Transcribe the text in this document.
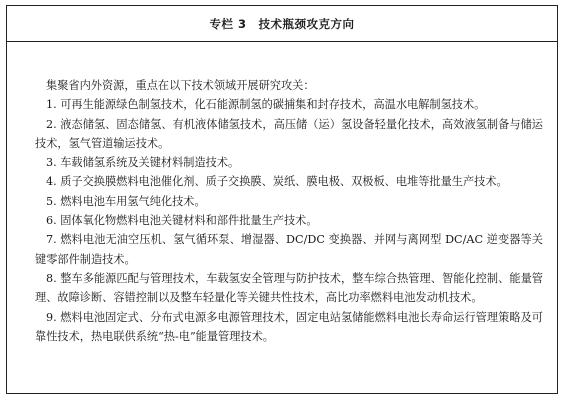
专栏 3 技术瓶颈攻克方向

集聚省内外资源，重点在以下技术领域开展研究攻关：

1. 可再生能源绿色制氢技术，化石能源制氢的碳捕集和封存技术，高温水电解制氢技术。

2. 液态储氢、固态储氢、有机液体储氢技术，高压储（运）氢设备轻量化技术，高效液氢制备与储运技术，氢气管道输运技术。

3. 车载储氢系统及关键材料制造技术。

4. 质子交换膜燃料电池催化剂、质子交换膜、炭纸、膜电极、双极板、电堆等批量生产技术。

5. 燃料电池车用氢气纯化技术。

6. 固体氧化物燃料电池关键材料和部件批量生产技术。

7. 燃料电池无油空压机、氢气循环泵、增湿器、DC/DC 变换器、并网与离网型 DC/AC 逆变器等关键零部件制造技术。

8. 整车多能源匹配与管理技术，车载氢安全管理与防护技术，整车综合热管理、智能化控制、能量管理、故障诊断、容错控制以及整车轻量化等关键共性技术，高比功率燃料电池发动机技术。

9. 燃料电池固定式、分布式电源多电源管理技术，固定电站氢储能燃料电池长寿命运行管理策略及可靠性技术，热电联供系统“热-电”能量管理技术。
